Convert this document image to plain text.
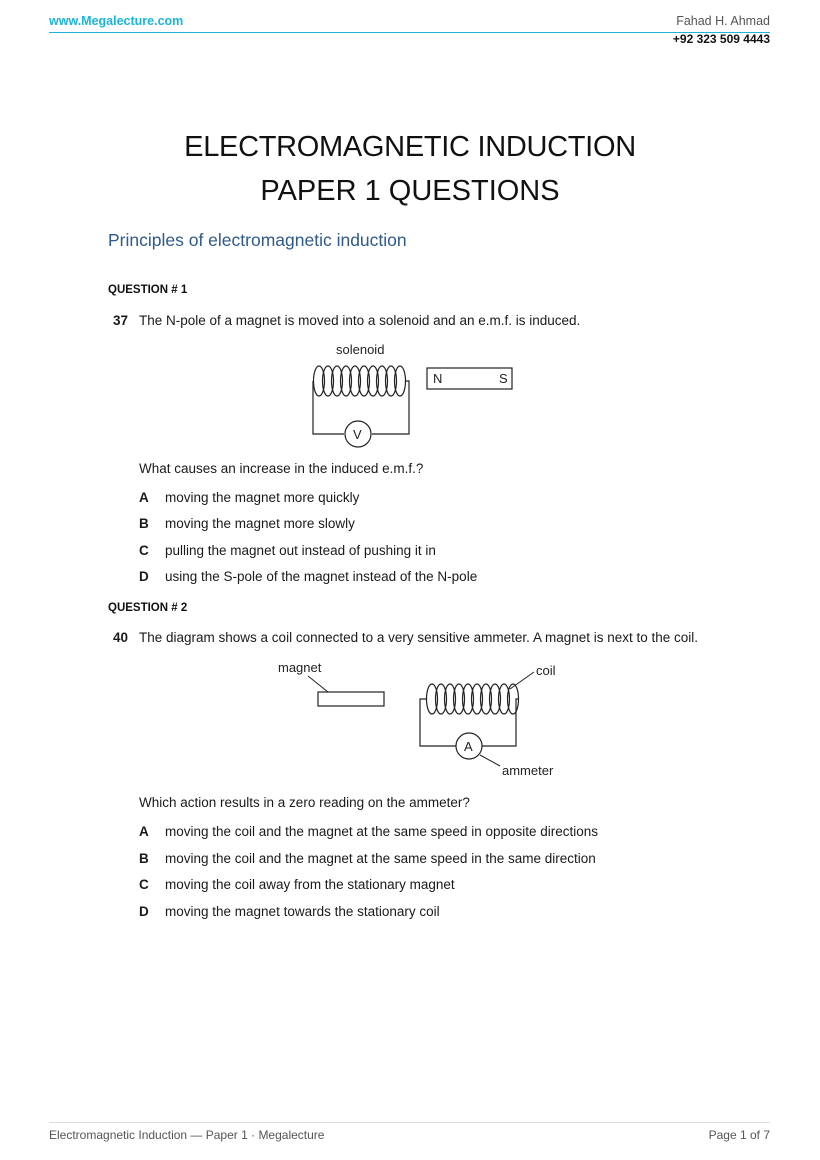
www.Megalecture.com	Fahad H. Ahmad
+92 323 509 4443
ELECTROMAGNETIC INDUCTION
PAPER 1 QUESTIONS
Principles of electromagnetic induction
QUESTION # 1
37 The N-pole of a magnet is moved into a solenoid and an e.m.f. is induced.
solenoid
V
N	S
What causes an increase in the induced e.m.f.?
A moving the magnet more quickly
B moving the magnet more slowly
C pulling the magnet out instead of pushing it in
D using the S-pole of the magnet instead of the N-pole
QUESTION # 2
40 The diagram shows a coil connected to a very sensitive ammeter. A magnet is next to the coil.
magnet	coil
A
ammeter
Which action results in a zero reading on the ammeter?
A moving the coil and the magnet at the same speed in opposite directions
B moving the coil and the magnet at the same speed in the same direction
C moving the coil away from the stationary magnet
D moving the magnet towards the stationary coil
Electromagnetic Induction — Paper 1 · Megalecture	Page 1 of 7
